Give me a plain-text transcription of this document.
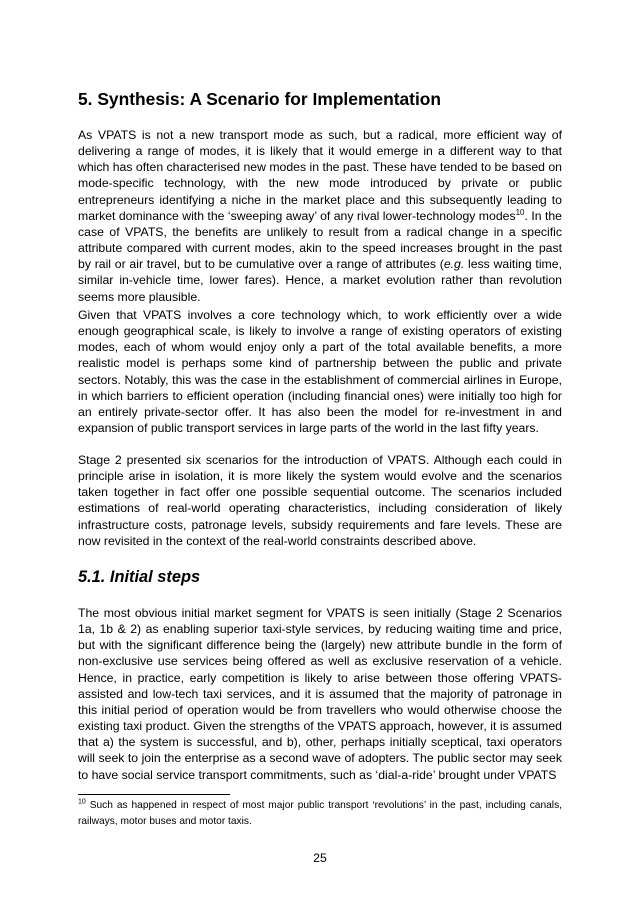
5. Synthesis: A Scenario for Implementation

As VPATS is not a new transport mode as such, but a radical, more efficient way of delivering a range of modes, it is likely that it would emerge in a different way to that which has often characterised new modes in the past. These have tended to be based on mode-specific technology, with the new mode introduced by private or public entrepreneurs identifying a niche in the market place and this subsequently leading to market dominance with the ‘sweeping away’ of any rival lower-technology modes$^{10}$. In the case of VPATS, the benefits are unlikely to result from a radical change in a specific attribute compared with current modes, akin to the speed increases brought in the past by rail or air travel, but to be cumulative over a range of attributes (e.g. less waiting time, similar in-vehicle time, lower fares). Hence, a market evolution rather than revolution seems more plausible.

Given that VPATS involves a core technology which, to work efficiently over a wide enough geographical scale, is likely to involve a range of existing operators of existing modes, each of whom would enjoy only a part of the total available benefits, a more realistic model is perhaps some kind of partnership between the public and private sectors. Notably, this was the case in the establishment of commercial airlines in Europe, in which barriers to efficient operation (including financial ones) were initially too high for an entirely private-sector offer. It has also been the model for re-investment in and expansion of public transport services in large parts of the world in the last fifty years.

Stage 2 presented six scenarios for the introduction of VPATS. Although each could in principle arise in isolation, it is more likely the system would evolve and the scenarios taken together in fact offer one possible sequential outcome. The scenarios included estimations of real-world operating characteristics, including consideration of likely infrastructure costs, patronage levels, subsidy requirements and fare levels. These are now revisited in the context of the real-world constraints described above.

5.1. Initial steps

The most obvious initial market segment for VPATS is seen initially (Stage 2 Scenarios 1a, 1b & 2) as enabling superior taxi-style services, by reducing waiting time and price, but with the significant difference being the (largely) new attribute bundle in the form of non-exclusive use services being offered as well as exclusive reservation of a vehicle. Hence, in practice, early competition is likely to arise between those offering VPATS-assisted and low-tech taxi services, and it is assumed that the majority of patronage in this initial period of operation would be from travellers who would otherwise choose the existing taxi product. Given the strengths of the VPATS approach, however, it is assumed that a) the system is successful, and b), other, perhaps initially sceptical, taxi operators will seek to join the enterprise as a second wave of adopters. The public sector may seek to have social service transport commitments, such as ‘dial-a-ride’ brought under VPATS

$^{10}$ Such as happened in respect of most major public transport ‘revolutions’ in the past, including canals, railways, motor buses and motor taxis.
25
